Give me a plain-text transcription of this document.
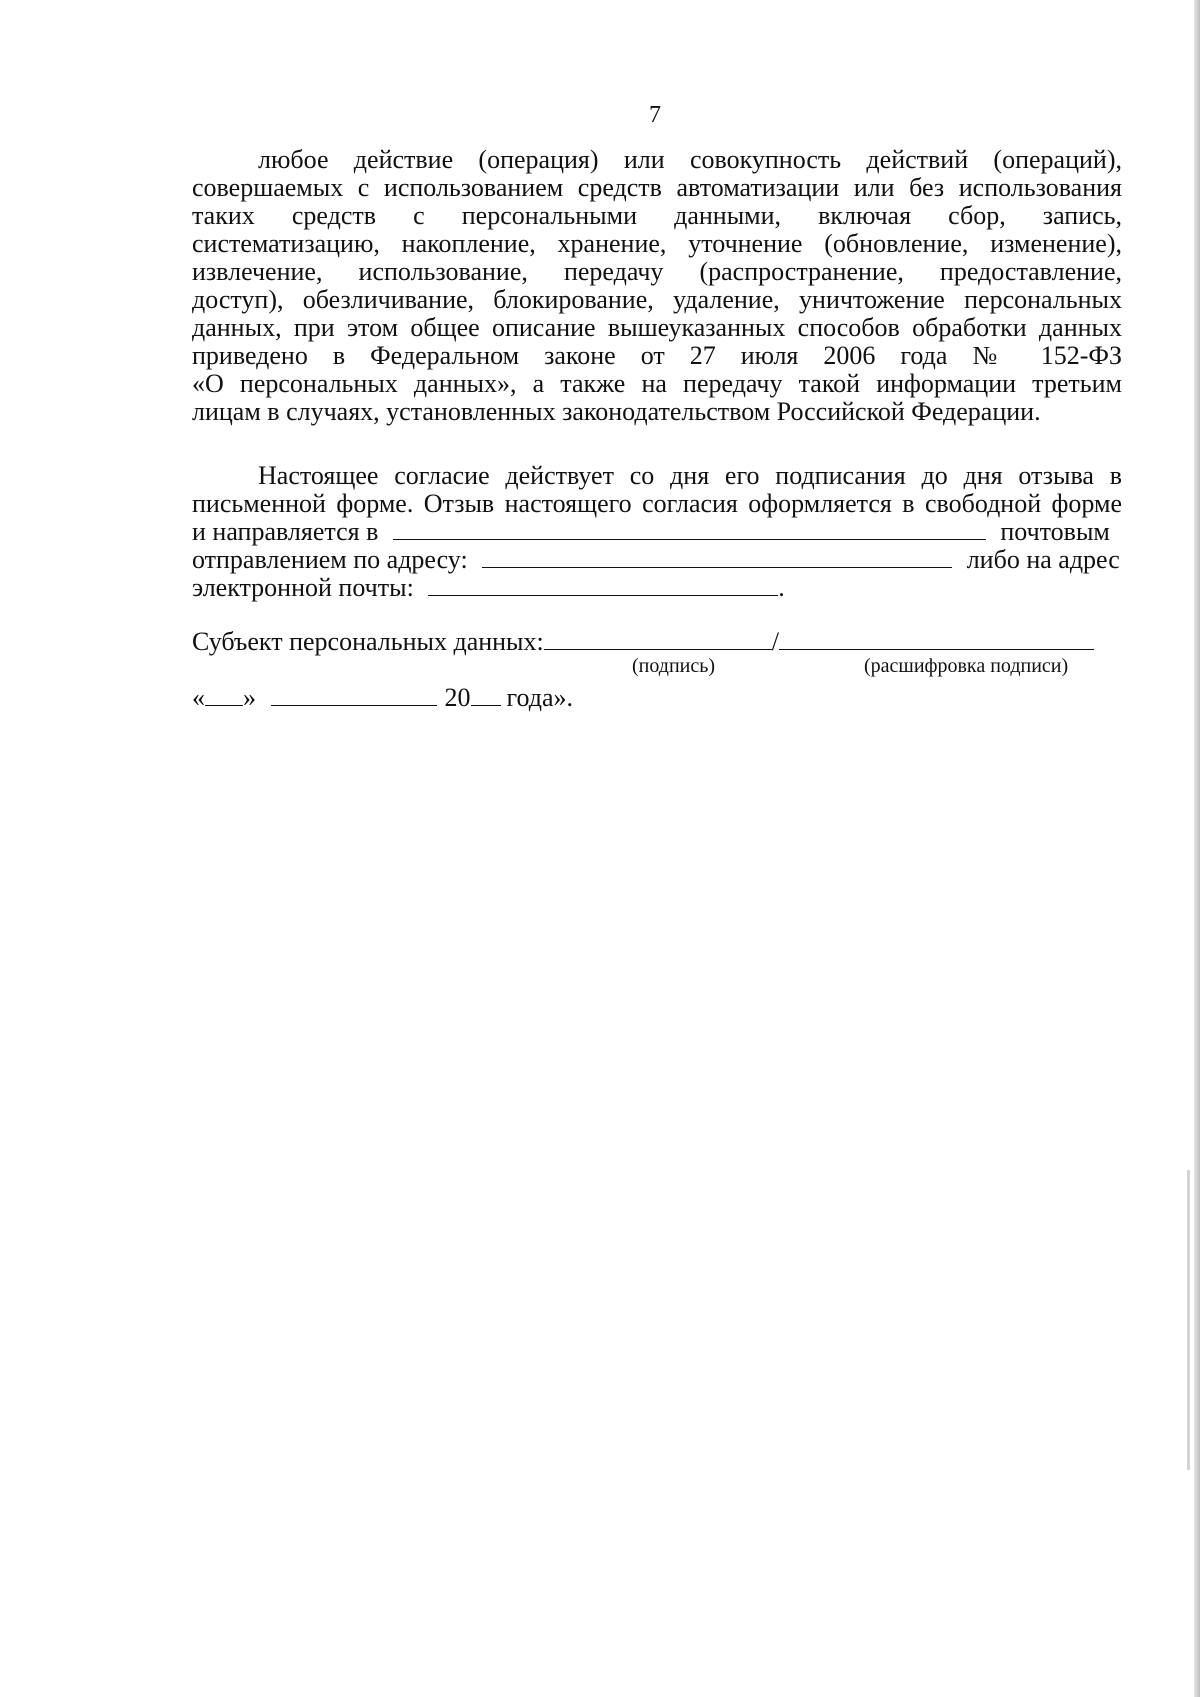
7
любое действие (операция) или совокупность действий (операций),
совершаемых с использованием средств автоматизации или без использования
таких средств с персональными данными, включая сбор, запись,
систематизацию, накопление, хранение, уточнение (обновление, изменение),
извлечение, использование, передачу (распространение, предоставление,
доступ), обезличивание, блокирование, удаление, уничтожение персональных
данных, при этом общее описание вышеуказанных способов обработки данных
приведено в Федеральном законе от 27 июля 2006 года № 152-ФЗ
«О персональных данных», а также на передачу такой информации третьим
лицам в случаях, установленных законодательством Российской Федерации.
Настоящее согласие действует со дня его подписания до дня отзыва в
письменной форме. Отзыв настоящего согласия оформляется в свободной форме
и направляется в	почтовым
отправлением по адресу:	либо на адрес
электронной почты:	.
Субъект персональных данных:	/
(подпись)	(расшифровка подписи)
« »	20 года».
